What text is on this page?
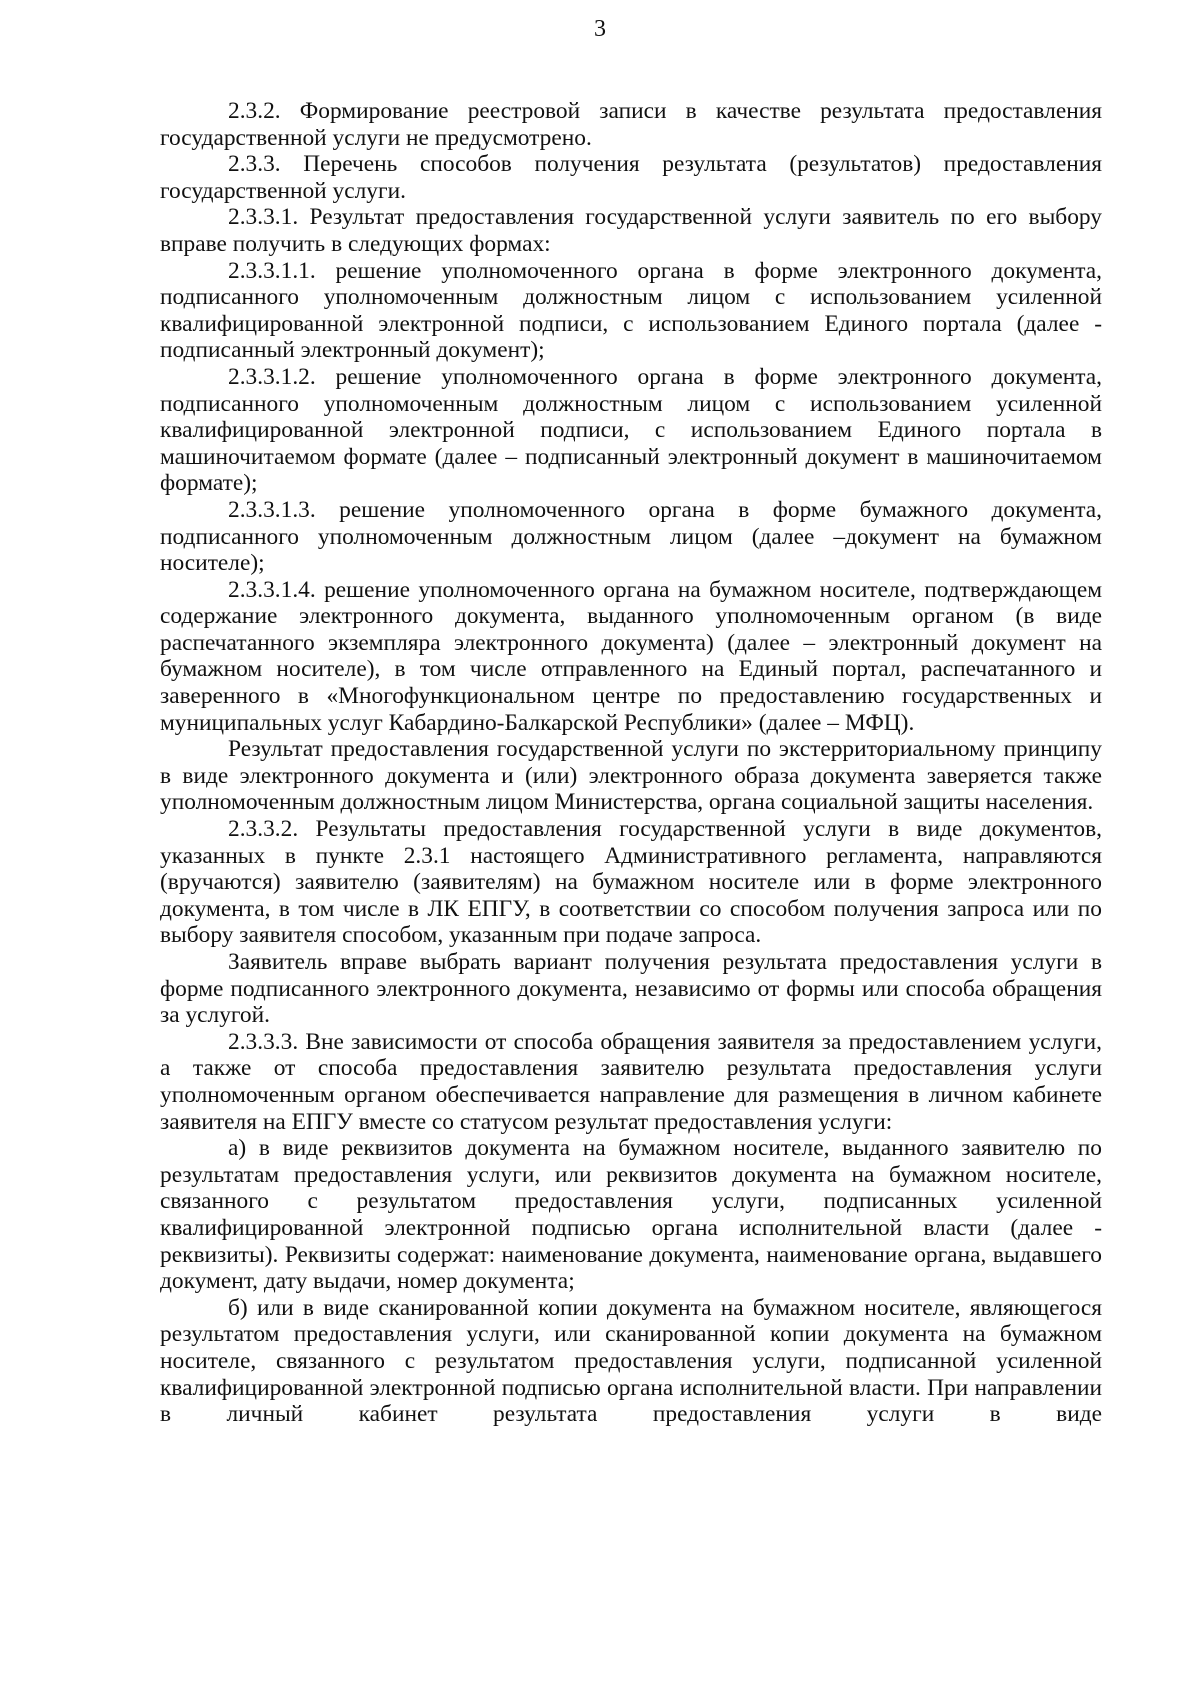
3

2.3.2. Формирование реестровой записи в качестве результата предоставления государственной услуги не предусмотрено.

2.3.3. Перечень способов получения результата (результатов) предоставления государственной услуги.

2.3.3.1. Результат предоставления государственной услуги заявитель по его выбору вправе получить в следующих формах:

2.3.3.1.1. решение уполномоченного органа в форме электронного документа, подписанного уполномоченным должностным лицом с использованием усиленной квалифицированной электронной подписи, с использованием Единого портала (далее - подписанный электронный документ);

2.3.3.1.2. решение уполномоченного органа в форме электронного документа, подписанного уполномоченным должностным лицом с использованием усиленной квалифицированной электронной подписи, с использованием Единого портала в машиночитаемом формате (далее – подписанный электронный документ в машиночитаемом формате);

2.3.3.1.3. решение уполномоченного органа в форме бумажного документа, подписанного уполномоченным должностным лицом (далее –документ на бумажном носителе);

2.3.3.1.4. решение уполномоченного органа на бумажном носителе, подтверждающем содержание электронного документа, выданного уполномоченным органом (в виде распечатанного экземпляра электронного документа) (далее – электронный документ на бумажном носителе), в том числе отправленного на Единый портал, распечатанного и заверенного в «Многофункциональном центре по предоставлению государственных и муниципальных услуг Кабардино-Балкарской Республики» (далее – МФЦ).

Результат предоставления государственной услуги по экстерриториальному принципу в виде электронного документа и (или) электронного образа документа заверяется также уполномоченным должностным лицом Министерства, органа социальной защиты населения.

2.3.3.2. Результаты предоставления государственной услуги в виде документов, указанных в пункте 2.3.1 настоящего Административного регламента, направляются (вручаются) заявителю (заявителям) на бумажном носителе или в форме электронного документа, в том числе в ЛК ЕПГУ, в соответствии со способом получения запроса или по выбору заявителя способом, указанным при подаче запроса.

Заявитель вправе выбрать вариант получения результата предоставления услуги в форме подписанного электронного документа, независимо от формы или способа обращения за услугой.

2.3.3.3. Вне зависимости от способа обращения заявителя за предоставлением услуги, а также от способа предоставления заявителю результата предоставления услуги уполномоченным органом обеспечивается направление для размещения в личном кабинете заявителя на ЕПГУ вместе со статусом результат предоставления услуги:

а) в виде реквизитов документа на бумажном носителе, выданного заявителю по результатам предоставления услуги, или реквизитов документа на бумажном носителе, связанного с результатом предоставления услуги, подписанных усиленной квалифицированной электронной подписью органа исполнительной власти (далее - реквизиты). Реквизиты содержат: наименование документа, наименование органа, выдавшего документ, дату выдачи, номер документа;

б) или в виде сканированной копии документа на бумажном носителе, являющегося результатом предоставления услуги, или сканированной копии документа на бумажном носителе, связанного с результатом предоставления услуги, подписанной усиленной квалифицированной электронной подписью органа исполнительной власти. При направлении в личный кабинет результата предоставления услуги в виде
